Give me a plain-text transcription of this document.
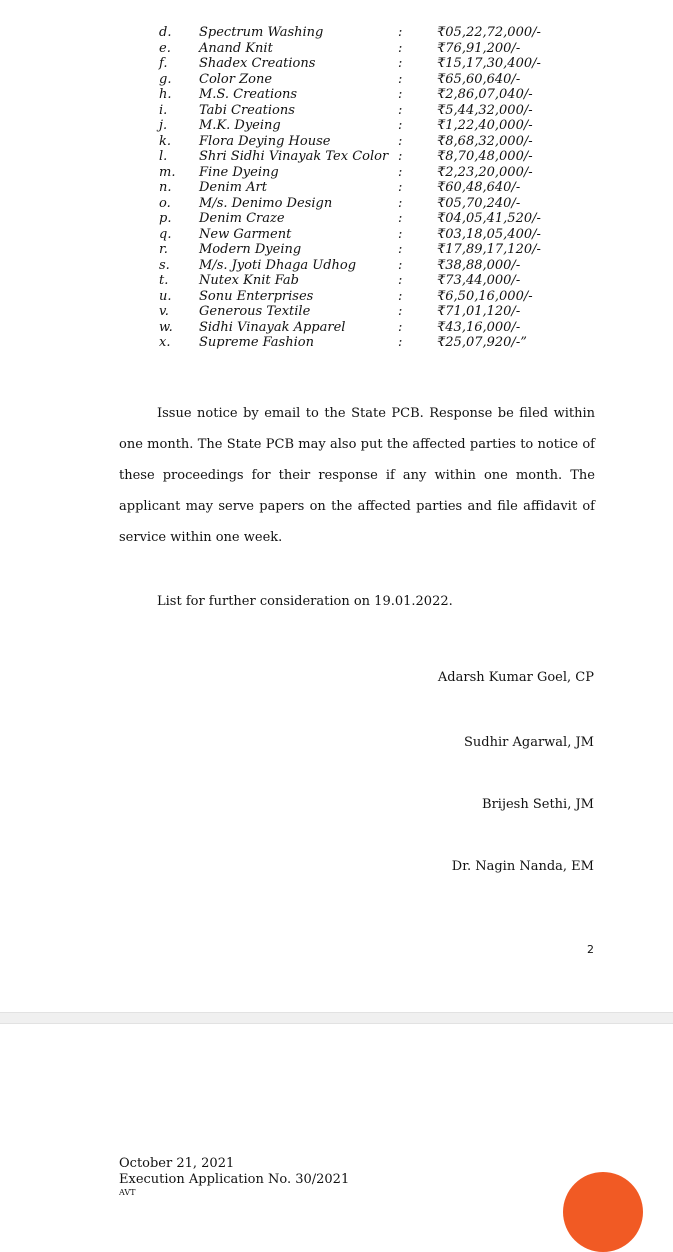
d. Spectrum Washing	:	₹05,22,72,000/-
e. Anand Knit	:	₹76,91,200/-
f. Shadex Creations	:	₹15,17,30,400/-
g. Color Zone	:	₹65,60,640/-
h. M.S. Creations	:	₹2,86,07,040/-
i. Tabi Creations	:	₹5,44,32,000/-
j. M.K. Dyeing	:	₹1,22,40,000/-
k. Flora Deying House	:	₹8,68,32,000/-
l. Shri Sidhi Vinayak Tex Color :	₹8,70,48,000/-
m. Fine Dyeing	:	₹2,23,20,000/-
n. Denim Art	:	₹60,48,640/-
o. M/s. Denimo Design	:	₹05,70,240/-
p. Denim Craze	:	₹04,05,41,520/-
q. New Garment	:	₹03,18,05,400/-
r. Modern Dyeing	:	₹17,89,17,120/-
s. M/s. Jyoti Dhaga Udhog	:	₹38,88,000/-
t. Nutex Knit Fab	:	₹73,44,000/-
u. Sonu Enterprises	:	₹6,50,16,000/-
v. Generous Textile	:	₹71,01,120/-
w. Sidhi Vinayak Apparel	:	₹43,16,000/-
x. Supreme Fashion	:	₹25,07,920/-”

Issue notice by email to the State PCB. Response be filed within one month. The State PCB may also put the affected parties to notice of these proceedings for their response if any within one month. The applicant may serve papers on the affected parties and file affidavit of service within one week.

List for further consideration on 19.01.2022.

Adarsh Kumar Goel, CP
Sudhir Agarwal, JM
Brijesh Sethi, JM
Dr. Nagin Nanda, EM
2
October 21, 2021
Execution Application No. 30/2021
AVT
